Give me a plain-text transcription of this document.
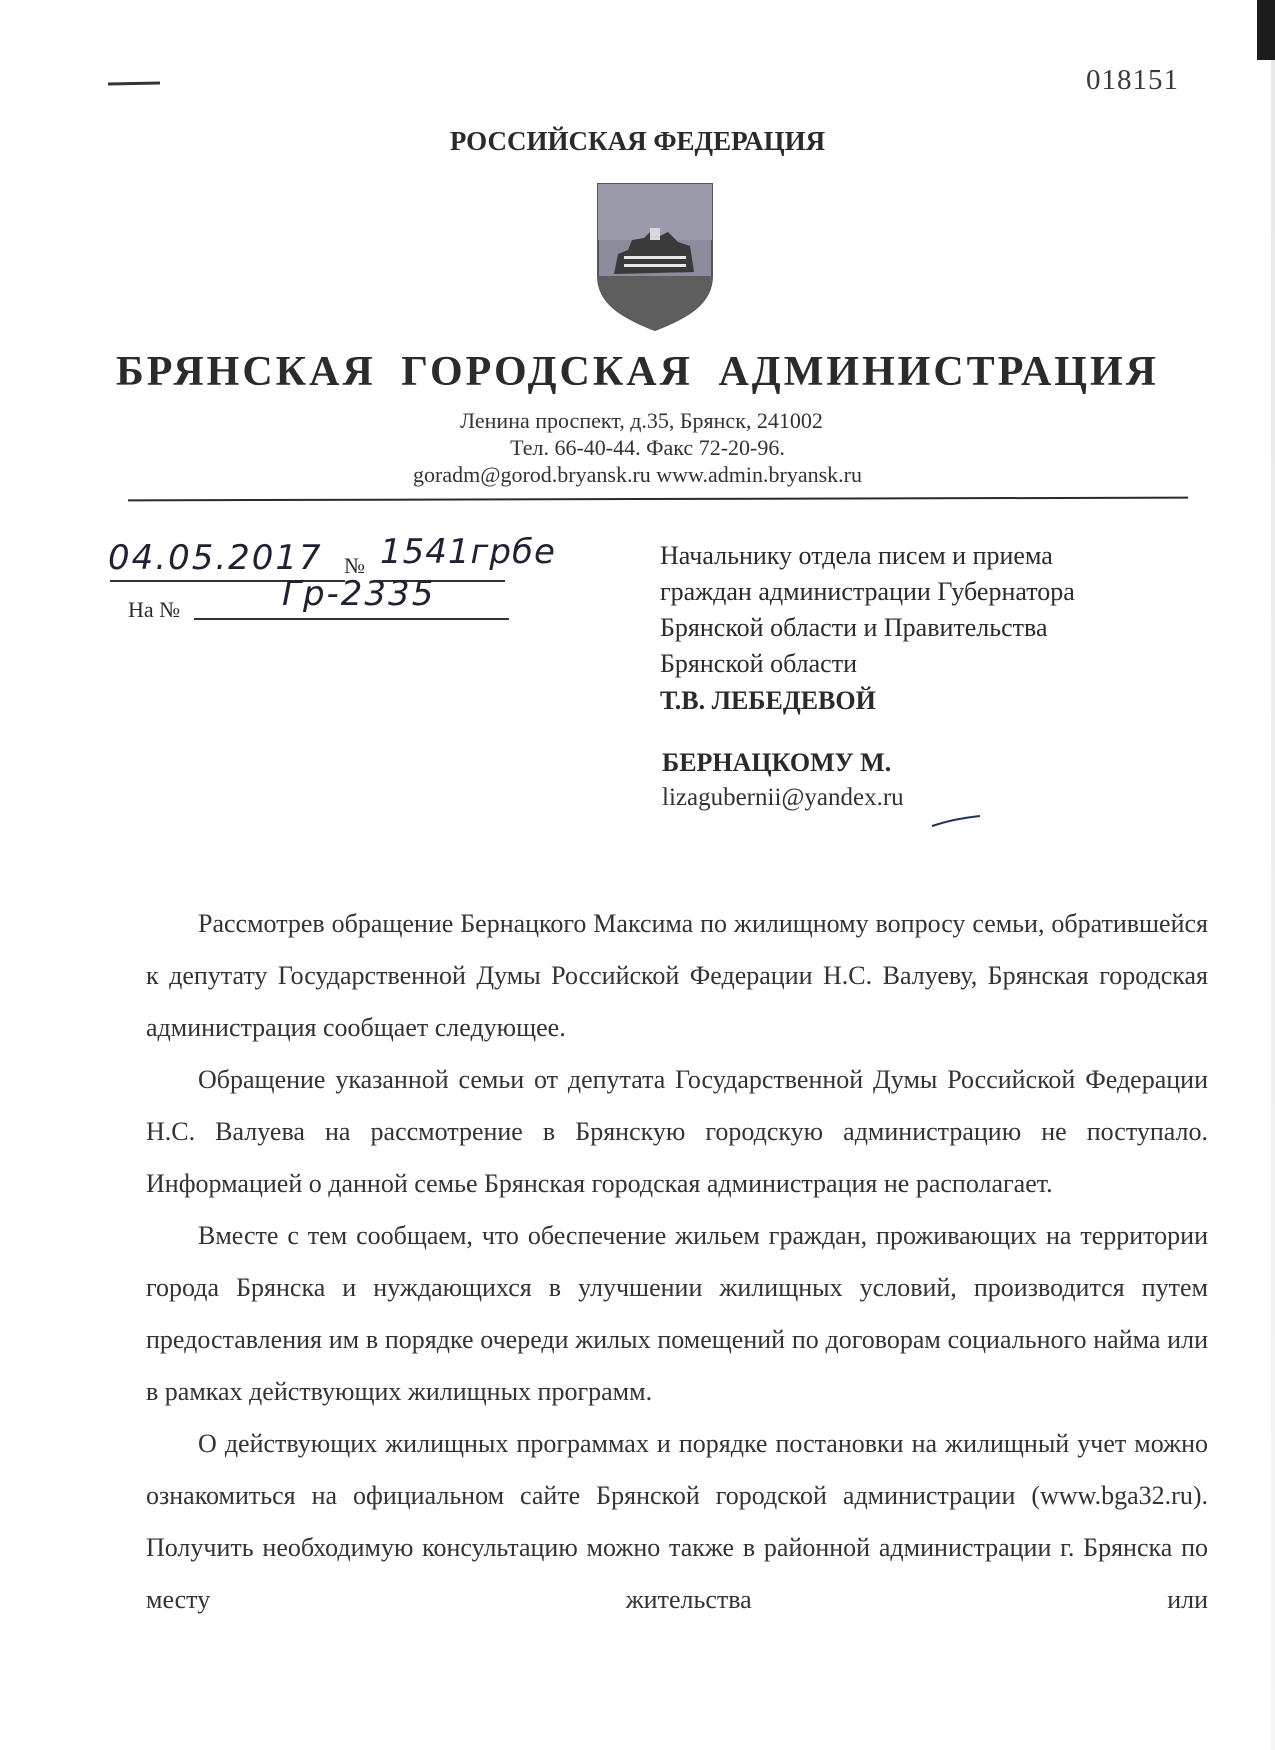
018151
РОССИЙСКАЯ ФЕДЕРАЦИЯ
БРЯНСКАЯ ГОРОДСКАЯ АДМИНИСТРАЦИЯ
Ленина проспект, д.35, Брянск, 241002
Тел. 66-40-44. Факс 72-20-96.
goradm@gorod.bryansk.ru www.admin.bryansk.ru
04.05.2017 № 1541грбе
На №	Гр-2335
Начальнику отдела писем и приема
граждан администрации Губернатора
Брянской области и Правительства
Брянской области
Т.В. ЛЕБЕДЕВОЙ
БЕРНАЦКОМУ М.
lizagubernii@yandex.ru

Рассмотрев обращение Бернацкого Максима по жилищному вопросу семьи, обратившейся к депутату Государственной Думы Российской Федерации Н.С. Валуеву, Брянская городская администрация сообщает следующее.

Обращение указанной семьи от депутата Государственной Думы Российской Федерации Н.С. Валуева на рассмотрение в Брянскую городскую администрацию не поступало. Информацией о данной семье Брянская городская администрация не располагает.

Вместе с тем сообщаем, что обеспечение жильем граждан, проживающих на территории города Брянска и нуждающихся в улучшении жилищных условий, производится путем предоставления им в порядке очереди жилых помещений по договорам социального найма или в рамках действующих жилищных программ.

О действующих жилищных программах и порядке постановки на жилищный учет можно ознакомиться на официальном сайте Брянской городской администрации (www.bga32.ru). Получить необходимую консультацию можно также в районной администрации г. Брянска по месту жительства или
